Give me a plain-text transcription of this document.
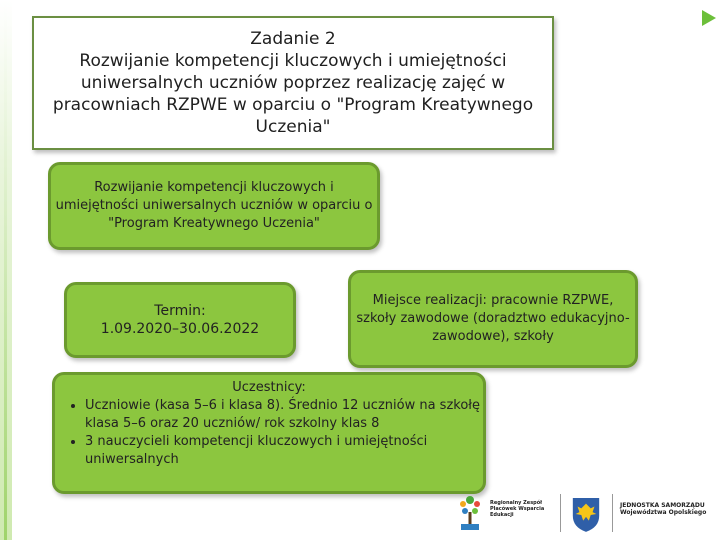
Zadanie 2
Rozwijanie kompetencji kluczowych i umiejętności uniwersalnych uczniów poprzez realizację zajęć w pracowniach RZPWE w oparciu o "Program Kreatywnego Uczenia"
Rozwijanie kompetencji kluczowych i umiejętności uniwersalnych uczniów w oparciu o "Program Kreatywnego Uczenia"
Termin:
1.09.2020–30.06.2022
Miejsce realizacji: pracownie RZPWE, szkoły zawodowe (doradztwo edukacyjno-zawodowe), szkoły
Uczestnicy:
• Uczniowie (kasa 5–6 i klasa 8). Średnio 12 uczniów na szkołę klasa 5–6 oraz 20 uczniów/ rok szkolny klas 8
• 3 nauczycieli kompetencji kluczowych i umiejętności uniwersalnych
Regionalny Zespół Placówek Wsparcia Edukacji
JEDNOSTKA SAMORZĄDU Województwa Opolskiego
